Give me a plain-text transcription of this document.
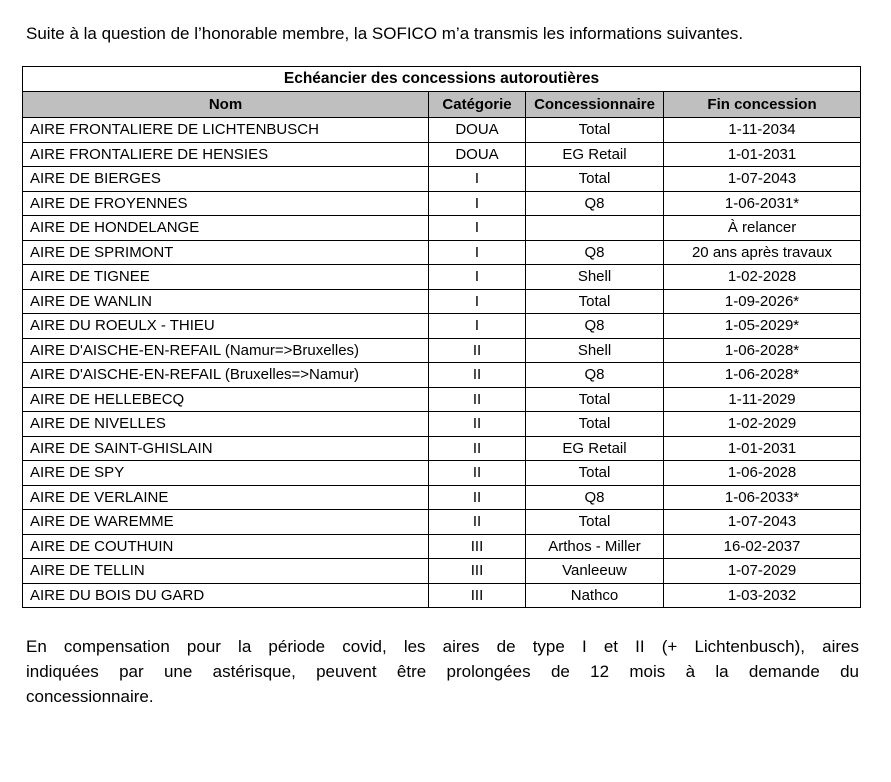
Suite à la question de l’honorable membre, la SOFICO m’a transmis les informations suivantes.

Echéancier des concessions autoroutières			
Nom	Catégorie	Concessionnaire	Fin concession
AIRE FRONTALIERE DE LICHTENBUSCH	DOUA	Total	1-11-2034
AIRE FRONTALIERE DE HENSIES	DOUA	EG Retail	1-01-2031
AIRE DE BIERGES	I	Total	1-07-2043
AIRE DE FROYENNES	I	Q8	1-06-2031*
AIRE DE HONDELANGE	I		À relancer
AIRE DE SPRIMONT	I	Q8	20 ans après travaux
AIRE DE TIGNEE	I	Shell	1-02-2028
AIRE DE WANLIN	I	Total	1-09-2026*
AIRE DU ROEULX - THIEU	I	Q8	1-05-2029*
AIRE D'AISCHE-EN-REFAIL (Namur=>Bruxelles)	II	Shell	1-06-2028*
AIRE D'AISCHE-EN-REFAIL (Bruxelles=>Namur)	II	Q8	1-06-2028*
AIRE DE HELLEBECQ	II	Total	1-11-2029
AIRE DE NIVELLES	II	Total	1-02-2029
AIRE DE SAINT-GHISLAIN	II	EG Retail	1-01-2031
AIRE DE SPY	II	Total	1-06-2028
AIRE DE VERLAINE	II	Q8	1-06-2033*
AIRE DE WAREMME	II	Total	1-07-2043
AIRE DE COUTHUIN	III	Arthos - Miller	16-02-2037
AIRE DE TELLIN	III	Vanleeuw	1-07-2029
AIRE DU BOIS DU GARD	III	Nathco	1-03-2032
En compensation pour la période covid, les aires de type I et II (+ Lichtenbusch), aires
indiquées par une astérisque, peuvent être prolongées de 12 mois à la demande du
concessionnaire.
